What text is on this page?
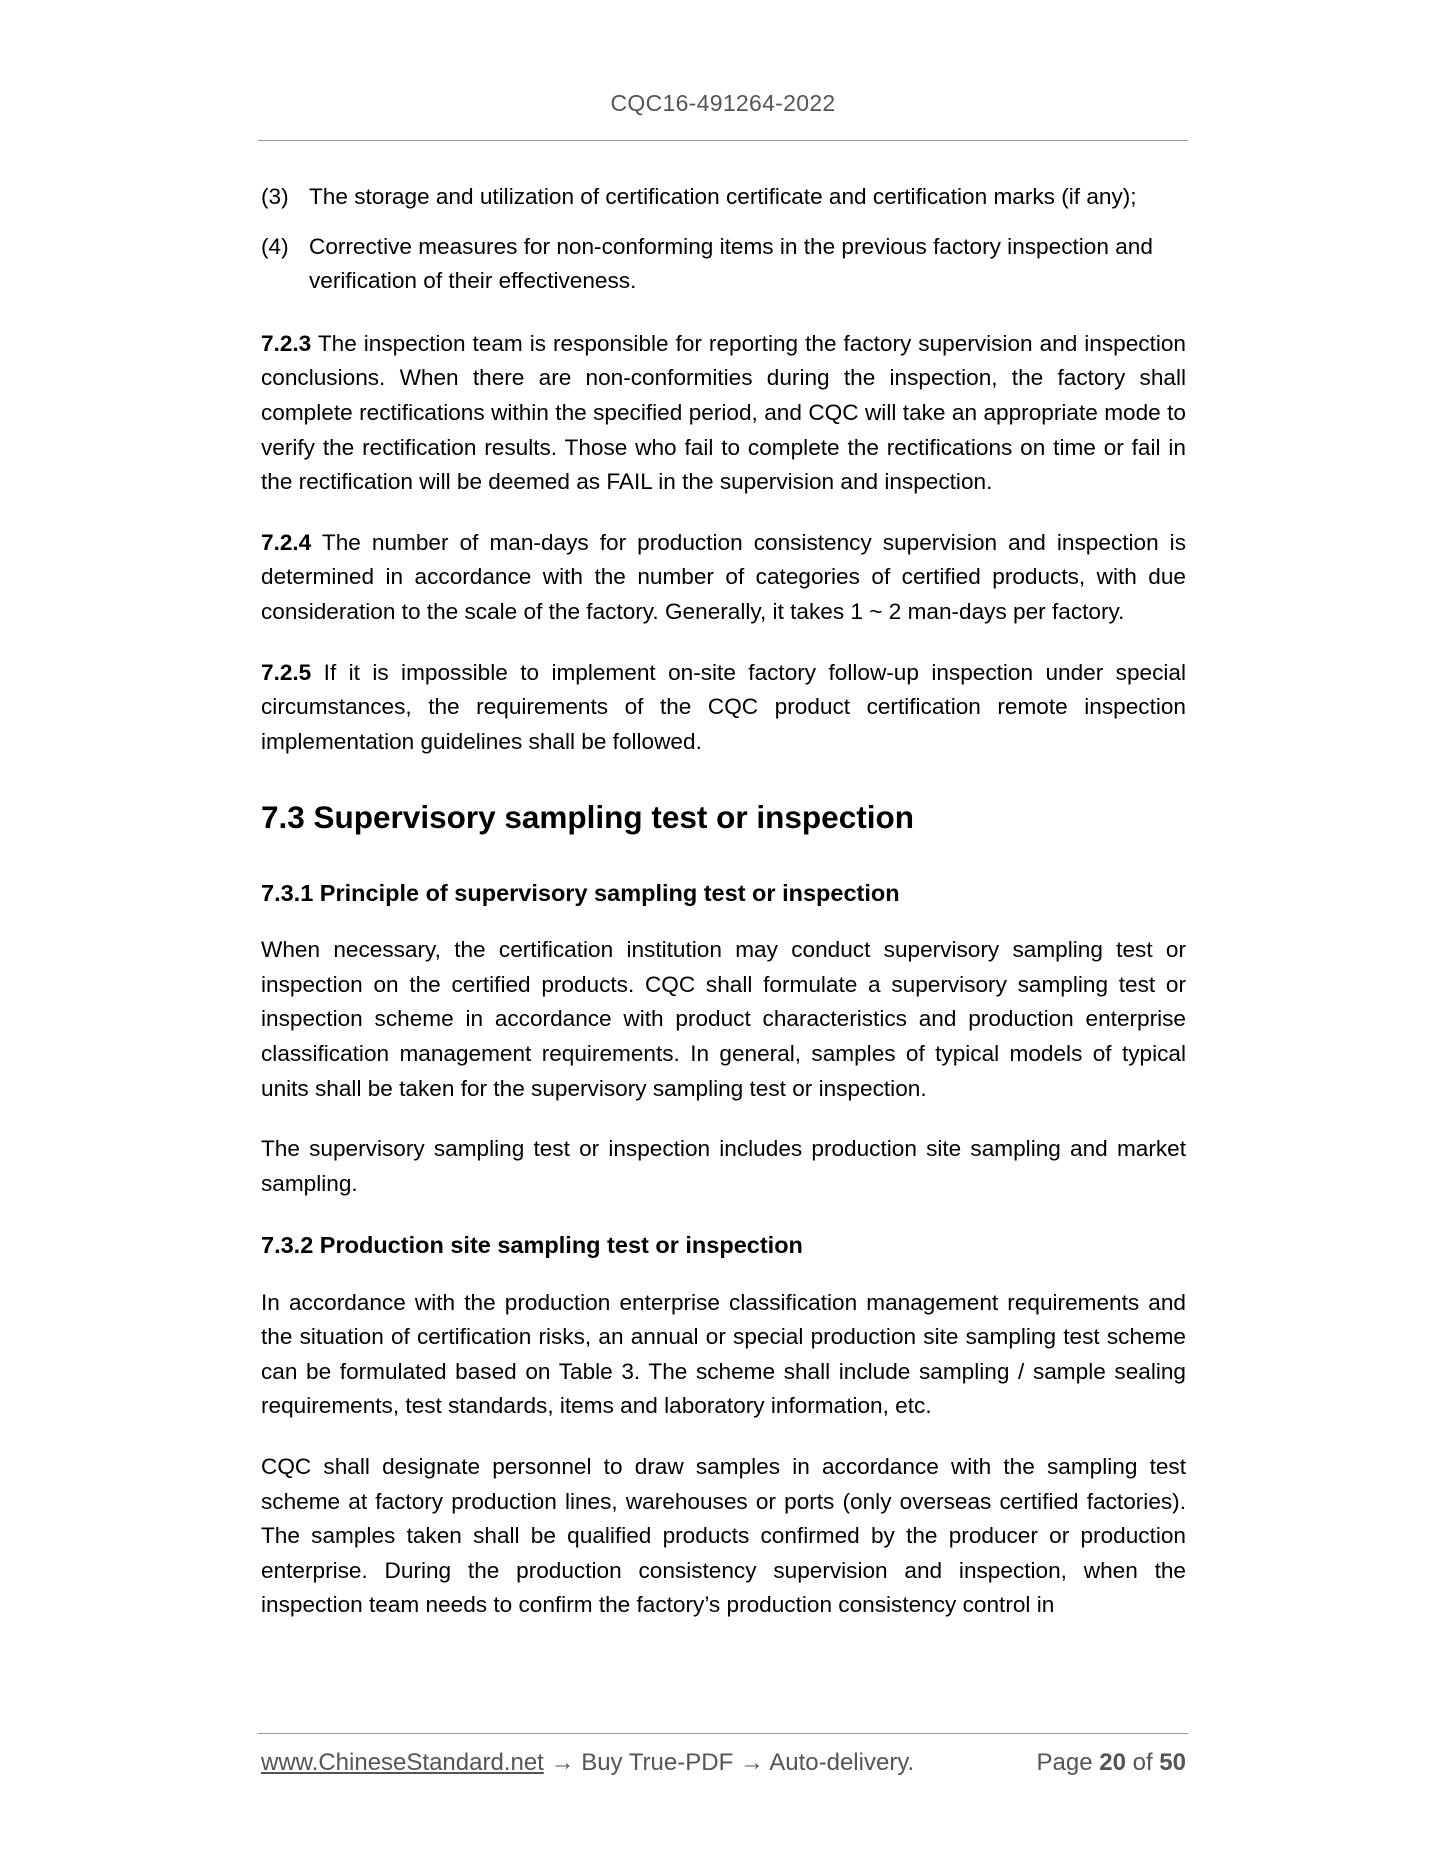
CQC16-491264-2022
(3) The storage and utilization of certification certificate and certification marks (if any);
(4) Corrective measures for non-conforming items in the previous factory inspection and verification of their effectiveness.

7.2.3 The inspection team is responsible for reporting the factory supervision and inspection conclusions. When there are non-conformities during the inspection, the factory shall complete rectifications within the specified period, and CQC will take an appropriate mode to verify the rectification results. Those who fail to complete the rectifications on time or fail in the rectification will be deemed as FAIL in the supervision and inspection.

7.2.4 The number of man-days for production consistency supervision and inspection is determined in accordance with the number of categories of certified products, with due consideration to the scale of the factory. Generally, it takes 1 ~ 2 man-days per factory.

7.2.5 If it is impossible to implement on-site factory follow-up inspection under special circumstances, the requirements of the CQC product certification remote inspection implementation guidelines shall be followed.

7.3 Supervisory sampling test or inspection
7.3.1 Principle of supervisory sampling test or inspection

When necessary, the certification institution may conduct supervisory sampling test or inspection on the certified products. CQC shall formulate a supervisory sampling test or inspection scheme in accordance with product characteristics and production enterprise classification management requirements. In general, samples of typical models of typical units shall be taken for the supervisory sampling test or inspection.

The supervisory sampling test or inspection includes production site sampling and market sampling.

7.3.2 Production site sampling test or inspection

In accordance with the production enterprise classification management requirements and the situation of certification risks, an annual or special production site sampling test scheme can be formulated based on Table 3. The scheme shall include sampling / sample sealing requirements, test standards, items and laboratory information, etc.

CQC shall designate personnel to draw samples in accordance with the sampling test scheme at factory production lines, warehouses or ports (only overseas certified factories). The samples taken shall be qualified products confirmed by the producer or production enterprise. During the production consistency supervision and inspection, when the inspection team needs to confirm the factory’s production consistency control in

www.ChineseStandard.net → Buy True-PDF → Auto-delivery.	Page 20 of 50
